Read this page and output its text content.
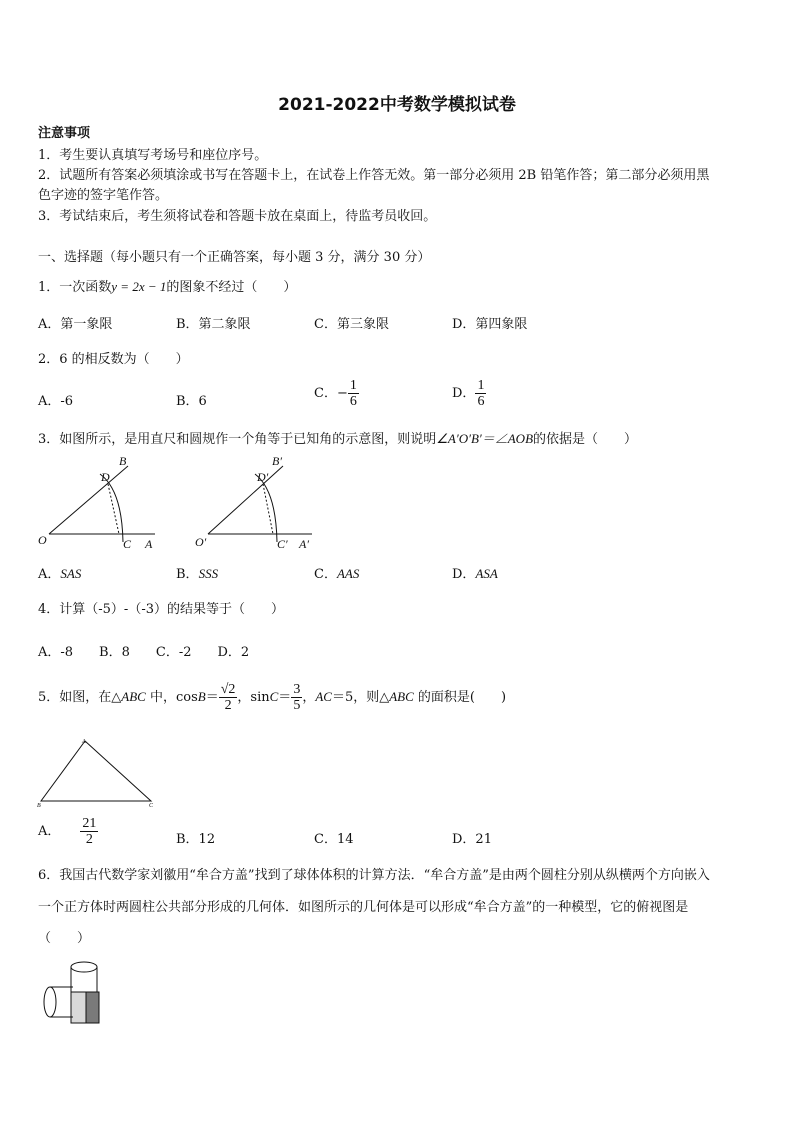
2021-2022中考数学模拟试卷
注意事项
1．考生要认真填写考场号和座位序号。
2．试题所有答案必须填涂或书写在答题卡上，在试卷上作答无效。第一部分必须用 2B 铅笔作答；第二部分必须用黑
色字迹的签字笔作答。
3．考试结束后，考生须将试卷和答题卡放在桌面上，待监考员收回。
一、选择题（每小题只有一个正确答案，每小题 3 分，满分 30 分）
1．一次函数y = 2x − 1的图象不经过（　　）
A．第一象限	B．第二象限	C．第三象限	D．第四象限
2．6 的相反数为（　　）
A．-6	B．6
C．− $\frac{1}{6}$	D． $\frac{1}{6}$
3．如图所示，是用直尺和圆规作一个角等于已知角的示意图，则说明∠A′O′B′＝∠AOB的依据是（　　）
B
D
O	C A
B′
D′
O′	C′ A′
A．SAS	B．SSS	C．AAS	D．ASA
4．计算（-5）-（-3）的结果等于（　　）
A．-8　　B．8　　C．-2　　D．2
5．如图，在△ABC 中，$\cos B= \frac{√2}{2}$ ，$\sin C= \frac{3}{5}$ ，AC＝5，则△ABC 的面积是(　　)
A
B	C
A． $\frac{21}{2}$	B．12	C．14	D．21
6．我国古代数学家刘徽用“牟合方盖”找到了球体体积的计算方法．“牟合方盖”是由两个圆柱分别从纵横两个方向嵌入
一个正方体时两圆柱公共部分形成的几何体．如图所示的几何体是可以形成“牟合方盖”的一种模型，它的俯视图是
（　　）
